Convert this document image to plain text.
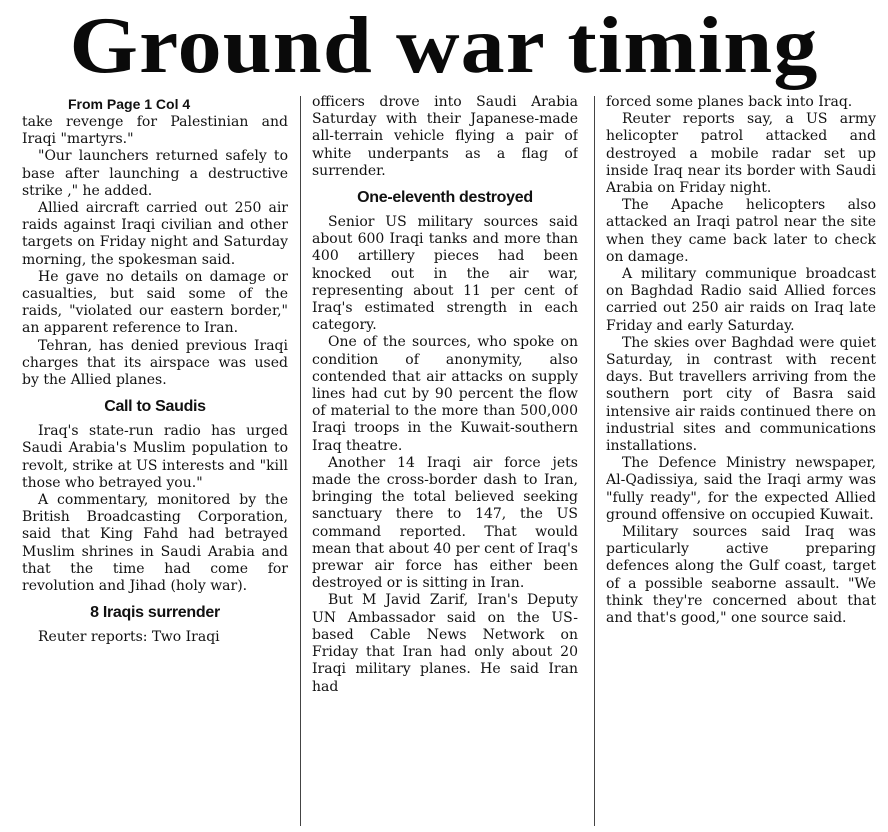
Ground war timing

From Page 1 Col 4

take revenge for Palestinian and Iraqi "martyrs."

"Our launchers returned safely to base after launching a destructive strike ," he added.

Allied aircraft carried out 250 air raids against Iraqi civilian and other targets on Friday night and Saturday morning, the spokesman said.

He gave no details on damage or casualties, but said some of the raids, "violated our eastern border," an apparent reference to Iran.

Tehran, has denied previous Iraqi charges that its airspace was used by the Allied planes.

Call to Saudis

Iraq's state-run radio has urged Saudi Arabia's Muslim population to revolt, strike at US interests and "kill those who betrayed you."

A commentary, monitored by the British Broadcasting Corporation, said that King Fahd had betrayed Muslim shrines in Saudi Arabia and that the time had come for revolution and Jihad (holy war).

8 Iraqis surrender

Reuter reports: Two Iraqi

officers drove into Saudi Arabia Saturday with their Japanese-made all-terrain vehicle flying a pair of white underpants as a flag of surrender.

One-eleventh destroyed

Senior US military sources said about 600 Iraqi tanks and more than 400 artillery pieces had been knocked out in the air war, representing about 11 per cent of Iraq's estimated strength in each category.

One of the sources, who spoke on condition of anonymity, also contended that air attacks on supply lines had cut by 90 percent the flow of material to the more than 500,000 Iraqi troops in the Kuwait-southern Iraq theatre.

Another 14 Iraqi air force jets made the cross-border dash to Iran, bringing the total believed seeking sanctuary there to 147, the US command reported. That would mean that about 40 per cent of Iraq's prewar air force has either been destroyed or is sitting in Iran.

But M Javid Zarif, Iran's Deputy UN Ambassador said on the US-based Cable News Network on Friday that Iran had only about 20 Iraqi military planes. He said Iran had

forced some planes back into Iraq.

Reuter reports say, a US army helicopter patrol attacked and destroyed a mobile radar set up inside Iraq near its border with Saudi Arabia on Friday night.

The Apache helicopters also attacked an Iraqi patrol near the site when they came back later to check on damage.

A military communique broadcast on Baghdad Radio said Allied forces carried out 250 air raids on Iraq late Friday and early Saturday.

The skies over Baghdad were quiet Saturday, in contrast with recent days. But travellers arriving from the southern port city of Basra said intensive air raids continued there on industrial sites and communications installations.

The Defence Ministry newspaper, Al-Qadissiya, said the Iraqi army was "fully ready", for the expected Allied ground offensive on occupied Kuwait.

Military sources said Iraq was particularly active preparing defences along the Gulf coast, target of a possible seaborne assault. "We think they're concerned about that and that's good," one source said.
